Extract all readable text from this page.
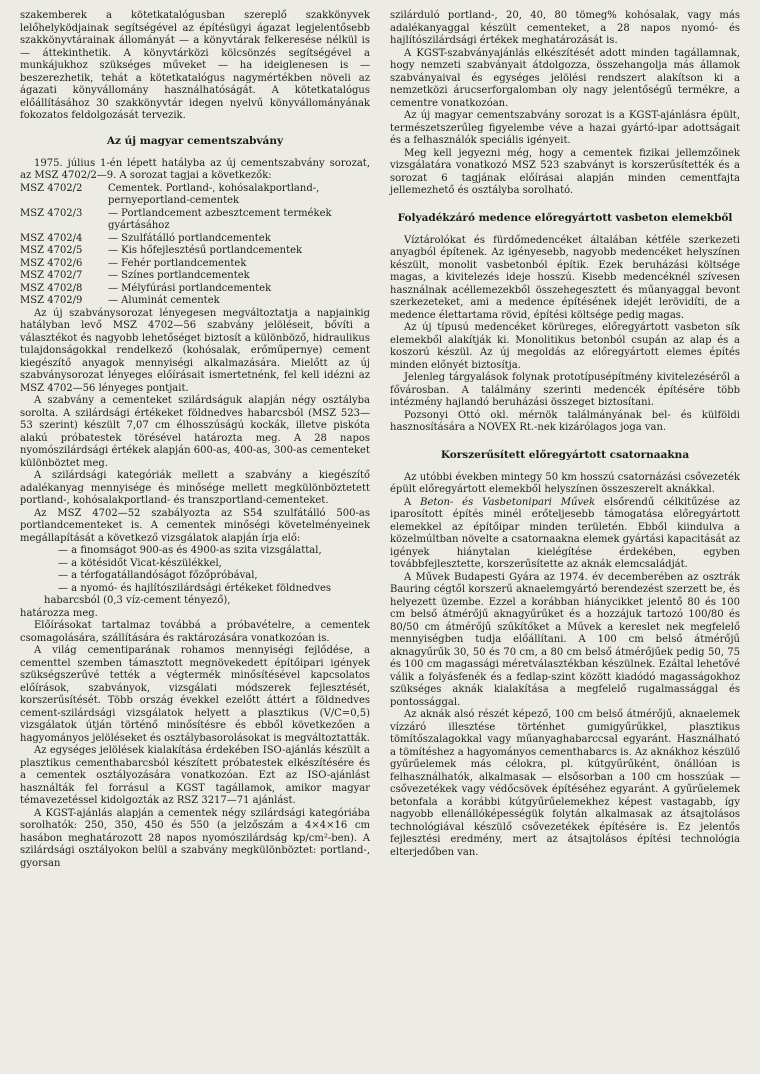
szakemberek a kötetkatalógusban szereplő szakkönyvek lelőhelyködjainak segítségével az építésügyi ágazat legjelentősebb szakkönyvtárainak állományát — a könyvtárak felkeresése nélkül is — áttekinthetik. A könyvtárközi kölcsönzés segítségével a munkájukhoz szükséges műveket — ha ideiglenesen is — beszerezhetik, tehát a kötetkatalógus nagymértékben növeli az ágazati könyvállomány használhatóságát. A kötetkatalógus előállításához 30 szakkönyvtár idegen nyelvű könyvállományának fokozatos feldolgozását tervezik.

Az új magyar cementszabvány

1975. július 1-én lépett hatályba az új cementszabvány sorozat, az MSZ 4702/2—9. A sorozat tagjai a következők:

MSZ 4702/2	Cementek. Portland-, kohósalakportland-, pernyeportland-cementek
MSZ 4702/3	— Portlandcement azbesztcement termékek gyártásához
MSZ 4702/4	— Szulfátálló portlandcementek
MSZ 4702/5	— Kis hőfejlesztésű portlandcementek
MSZ 4702/6	— Fehér portlandcementek
MSZ 4702/7	— Színes portlandcementek
MSZ 4702/8	— Mélyfúrási portlandcementek
MSZ 4702/9	— Aluminát cementek

Az új szabványsorozat lényegesen megváltoztatja a napjainkig hatályban levő MSZ 4702—56 szabvány jelöléseit, bővíti a választékot és nagyobb lehetőséget biztosít a különböző, hidraulikus tulajdonságokkal rendelkező (kohósalak, erőműpernye) cement kiegészítő anyagok mennyiségi alkalmazására. Mielőtt az új szabványsorozat lényeges előírásait ismertetnénk, fel kell idézni az MSZ 4702—56 lényeges pontjait.

A szabvány a cementeket szilárdságuk alapján négy osztályba sorolta. A szilárdsági értékeket földnedves habarcsból (MSZ 523—53 szerint) készült 7,07 cm élhosszúságú kockák, illetve piskóta alakú próbatestek törésével határozta meg. A 28 napos nyomószilárdsági értékek alapján 600-as, 400-as, 300-as cementeket különböztet meg.

A szilárdsági kategóriák mellett a szabvány a kiegészítő adalékanyag mennyisége és minősége mellett megkülönböztetett portland-, kohósalakportland- és transzportland-cementeket.

Az MSZ 4702—52 szabályozta az S54 szulfátálló 500-as portlandcementeket is. A cementek minőségi követelményeinek megállapítását a következő vizsgálatok alapján írja elő:

— a finomságot 900-as és 4900-as szita vizsgálattal,

— a kötésidőt Vicat-készülékkel,

— a térfogatállandóságot főzőpróbával,

— a nyomó- és hajlítószilárdsági értékeket földnedves habarcsból (0,3 víz-cement tényező),

határozza meg.

Előírásokat tartalmaz továbbá a próbavételre, a cementek csomagolására, szállítására és raktározására vonatkozóan is.

A világ cementiparának rohamos mennyiségi fejlődése, a cementtel szemben támasztott megnövekedett építőipari igények szükségszerűvé tették a végtermék minősítésével kapcsolatos előírások, szabványok, vizsgálati módszerek fejlesztését, korszerűsítését. Több ország évekkel ezelőtt áttért a földnedves cement-szilárdsági vizsgálatok helyett a plasztikus (V/C=0,5) vizsgálatok útján történő minősítésre és ebből következően a hagyományos jelöléseket és osztálybasorolásokat is megváltoztatták.

Az egységes jelölések kialakítása érdekében ISO-ajánlás készült a plasztikus cementhabarcsból készített próbatestek elkészítésére és a cementek osztályozására vonatkozóan. Ezt az ISO-ajánlást használták fel forrásul a KGST tagállamok, amikor magyar témavezetéssel kidolgozták az RSZ 3217—71 ajánlást.

A KGST-ajánlás alapján a cementek négy szilárdsági kategóriába sorolhatók: 250, 350, 450 és 550 (a jelzőszám a 4×4×16 cm hasábon meghatározott 28 napos nyomószilárdság kp/cm²-ben). A szilárdsági osztályokon belül a szabvány megkülönböztet: portland-, gyorsan

szilárduló portland-, 20, 40, 80 tömeg% kohósalak, vagy más adalékanyaggal készült cementeket, a 28 napos nyomó- és hajlítószilárdsági értékek meghatározását is.

A KGST-szabványajánlás elkészítését adott minden tagállamnak, hogy nemzeti szabványait átdolgozza, összehangolja más államok szabványaival és egységes jelölési rendszert alakítson ki a nemzetközi árucserforgalomban oly nagy jelentőségű termékre, a cementre vonatkozóan.

Az új magyar cementszabvány sorozat is a KGST-ajánlásra épült, természetszerűleg figyelembe véve a hazai gyártó-ipar adottságait és a felhasználók speciális igényeit.

Meg kell jegyezni még, hogy a cementek fizikai jellemzőinek vizsgálatára vonatkozó MSZ 523 szabványt is korszerűsítették és a sorozat 6 tagjának előírásai alapján minden cementfajta jellemezhető és osztályba sorolható.

Folyadékzáró medence előregyártott vasbeton elemekből

Víztárolókat és fürdőmedencéket általában kétféle szerkezeti anyagból építenek. Az igényesebb, nagyobb medencéket helyszínen készült, monolit vasbetonból építik. Ezek beruházási költsége magas, a kivitelezés ideje hosszú. Kisebb medencéknél szívesen használnak acéllemezekből összehegesztett és műanyaggal bevont szerkezeteket, ami a medence építésének idejét lerövidíti, de a medence élettartama rövid, építési költsége pedig magas.

Az új típusú medencéket körüreges, előregyártott vasbeton sík elemekből alakítják ki. Monolitikus betonból csupán az alap és a koszorú készül. Az új megoldás az előregyártott elemes építés minden előnyét biztosítja.

Jelenleg tárgyalások folynak prototípusépítmény kivitelezéséről a fővárosban. A találmány szerinti medencék építésére több intézmény hajlandó beruházási összeget biztosítani.

Pozsonyi Ottó okl. mérnök találmányának bel- és külföldi hasznosítására a NOVEX Rt.-nek kizárólagos joga van.

Korszerűsített előregyártott csatornaakna

Az utóbbi években mintegy 50 km hosszú csatornázási csővezeték épült előregyártott elemekből helyszínen összeszerelt aknákkal.

A Beton- és Vasbetonipari Művek elsőrendű célkitűzése az iparosított építés minél erőteljesebb támogatása előregyártott elemekkel az építőipar minden területén. Ebből kiindulva a közelmúltban növelte a csatornaakna elemek gyártási kapacitását az igények hiánytalan kielégítése érdekében, egyben továbbfejlesztette, korszerűsítette az aknák elemcsaládját.

A Művek Budapesti Gyára az 1974. év decemberében az osztrák Bauring cégtől korszerű aknaelemgyártó berendezést szerzett be, és helyezett üzembe. Ezzel a korábban hiánycikket jelentő 80 és 100 cm belső átmérőjű aknagyűrűket és a hozzájuk tartozó 100/80 és 80/50 cm átmérőjű szűkítőket a Művek a kereslet nek megfelelő mennyiségben tudja előállítani. A 100 cm belső átmérőjű aknagyűrűk 30, 50 és 70 cm, a 80 cm belső átmérőjűek pedig 50, 75 és 100 cm magassági méretválasztékban készülnek. Ezáltal lehetővé válik a folyásfenék és a fedlap-szint között kiadódó magasságokhoz szükséges aknák kialakítása a megfelelő rugalmassággal és pontossággal.

Az aknák alsó részét képező, 100 cm belső átmérőjű, aknaelemek vízzáró illesztése történhet gumigyűrűkkel, plasztikus tömítőszalagokkal vagy műanyaghabarccsal egyaránt. Használható a tömítéshez a hagyományos cementhabarcs is. Az aknákhoz készülő gyűrűelemek más célokra, pl. kútgyűrűként, önállóan is felhasználhatók, alkalmasak — elsősorban a 100 cm hosszúak — csővezetékek vagy védőcsövek építéséhez egyaránt. A gyűrűelemek betonfala a korábbi kútgyűrűelemekhez képest vastagabb, így nagyobb ellenállóképességük folytán alkalmasak az átsajtolásos technológiával készülő csővezetékek építésére is. Ez jelentős fejlesztési eredmény, mert az átsajtolásos építési technológia elterjedőben van.
